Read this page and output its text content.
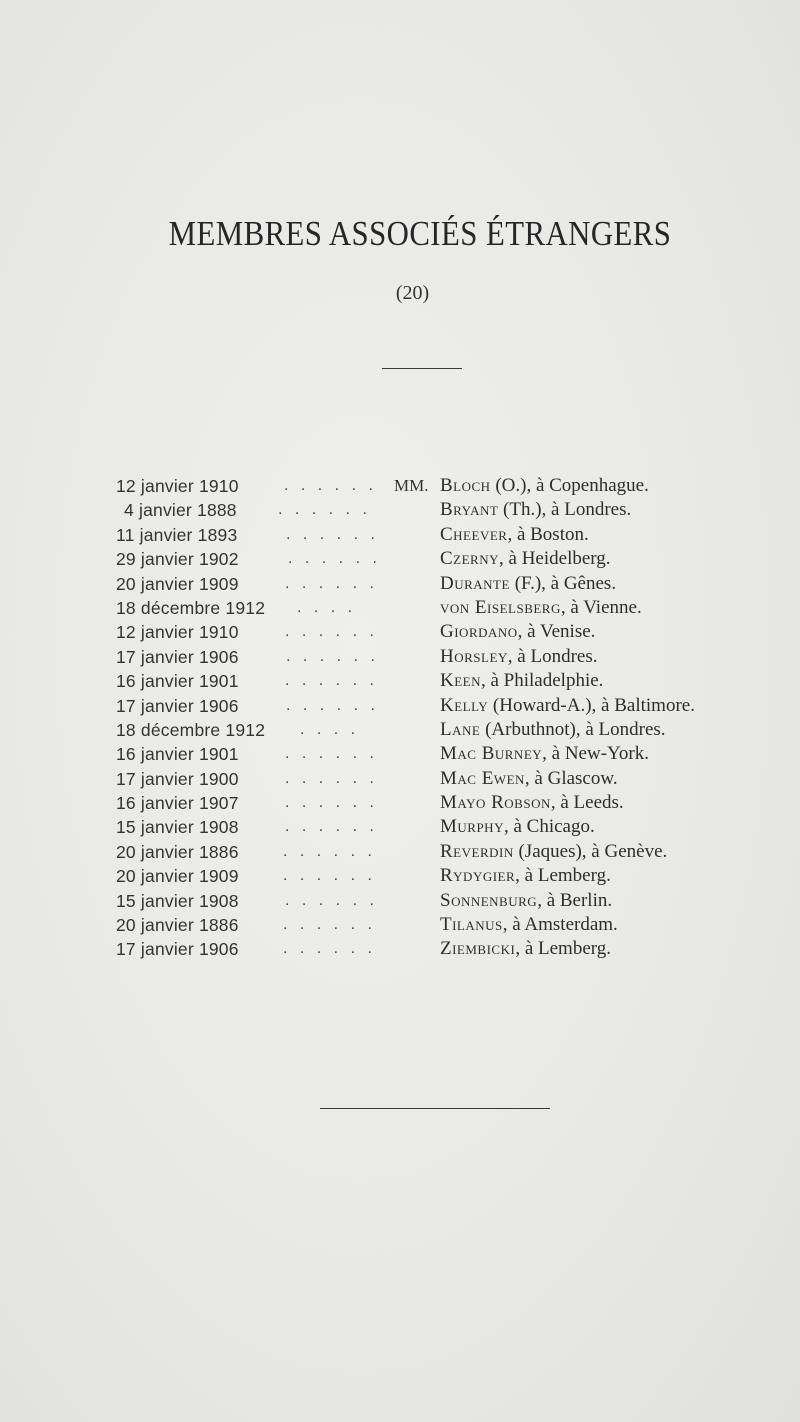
MEMBRES ASSOCIÉS ÉTRANGERS
(20)
12 janvier 1910	. . . . . . MM. Bloch (O.), à Copenhague.
4 janvier 1888	. . . . . .	Bryant (Th.), à Londres.
11 janvier 1893	. . . . . .	Cheever, à Boston.
29 janvier 1902	. . . . . .	Czerny, à Heidelberg.
20 janvier 1909	. . . . . .	Durante (F.), à Gênes.
18 décembre 1912 . . . .	von Eiselsberg, à Vienne.
12 janvier 1910	. . . . . .	Giordano, à Venise.
17 janvier 1906	. . . . . .	Horsley, à Londres.
16 janvier 1901	. . . . . .	Keen, à Philadelphie.
17 janvier 1906	. . . . . .	Kelly (Howard-A.), à Baltimore.
18 décembre 1912 . . . .	Lane (Arbuthnot), à Londres.
16 janvier 1901	. . . . . .	Mac Burney, à New-York.
17 janvier 1900	. . . . . .	Mac Ewen, à Glascow.
16 janvier 1907	. . . . . .	Mayo Robson, à Leeds.
15 janvier 1908	. . . . . .	Murphy, à Chicago.
20 janvier 1886	. . . . . .	Reverdin (Jaques), à Genève.
20 janvier 1909	. . . . . .	Rydygier, à Lemberg.
15 janvier 1908	. . . . . .	Sonnenburg, à Berlin.
20 janvier 1886	. . . . . .	Tilanus, à Amsterdam.
17 janvier 1906	. . . . . .	Ziembicki, à Lemberg.
